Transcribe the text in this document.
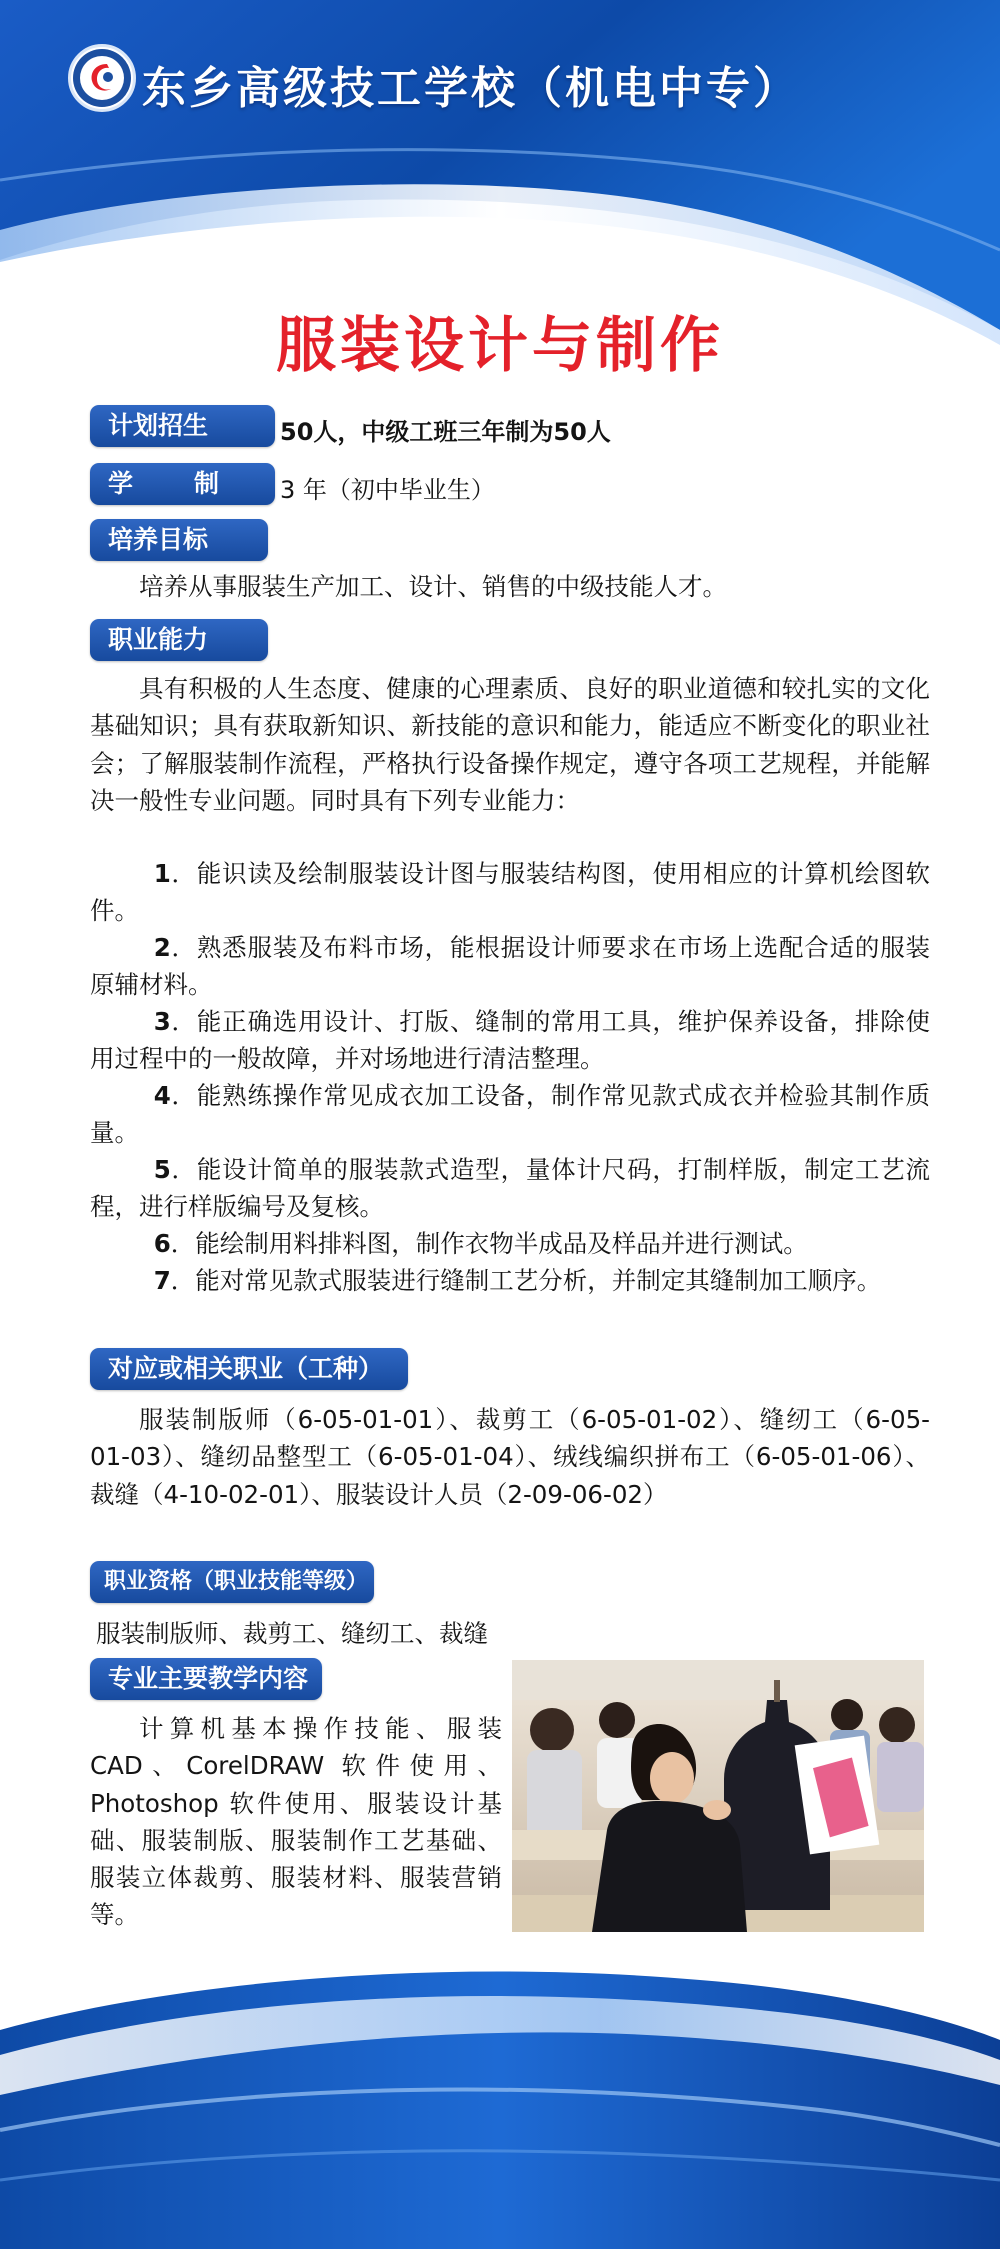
东乡高级技工学校（机电中专）
服装设计与制作
计划招生	50人，中级工班三年制为50人
学　制	3 年（初中毕业生）
培养目标

培养从事服装生产加工、设计、销售的中级技能人才。

职业能力

具有积极的人生态度、健康的心理素质、良好的职业道德和较扎实的文化基础知识；具有获取新知识、新技能的意识和能力，能适应不断变化的职业社会；了解服装制作流程，严格执行设备操作规定，遵守各项工艺规程，并能解决一般性专业问题。同时具有下列专业能力：

1．能识读及绘制服装设计图与服装结构图，使用相应的计算机绘图软件。

2．熟悉服装及布料市场，能根据设计师要求在市场上选配合适的服装原辅材料。

3．能正确选用设计、打版、缝制的常用工具，维护保养设备，排除使用过程中的一般故障，并对场地进行清洁整理。

4．能熟练操作常见成衣加工设备，制作常见款式成衣并检验其制作质量。

5．能设计简单的服装款式造型，量体计尺码，打制样版，制定工艺流程，进行样版编号及复核。

6．能绘制用料排料图，制作衣物半成品及样品并进行测试。

7．能对常见款式服装进行缝制工艺分析，并制定其缝制加工顺序。

对应或相关职业（工种）

服装制版师（6-05-01-01）、裁剪工（6-05-01-02）、缝纫工（6-05-01-03）、缝纫品整型工（6-05-01-04）、绒线编织拼布工（6-05-01-06）、裁缝（4-10-02-01）、服装设计人员（2-09-06-02）

职业资格（职业技能等级）

服装制版师、裁剪工、缝纫工、裁缝

专业主要教学内容

计算机基本操作技能、服装CAD、CorelDRAW 软件使用、Photoshop 软件使用、服装设计基础、服装制版、服装制作工艺基础、服装立体裁剪、服装材料、服装营销等。
